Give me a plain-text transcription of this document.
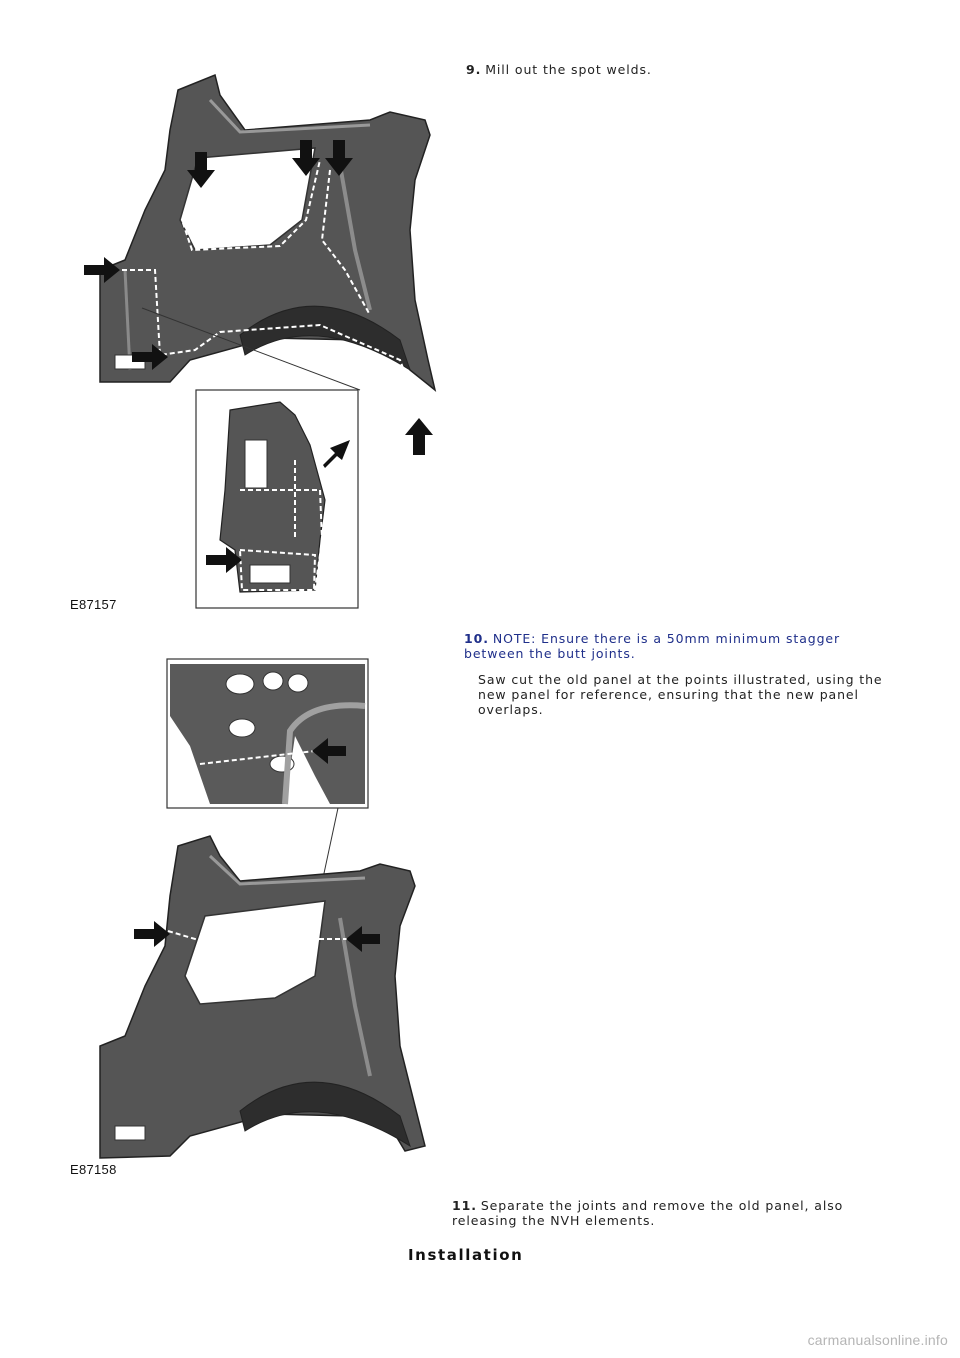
9. Mill out the spot welds.
E87157
10. NOTE: Ensure there is a 50mm minimum stagger between the butt joints.
Saw cut the old panel at the points illustrated, using the new panel for reference, ensuring that the new panel overlaps.
E87158
11. Separate the joints and remove the old panel, also releasing the NVH elements.
Installation
carmanualsonline.info
